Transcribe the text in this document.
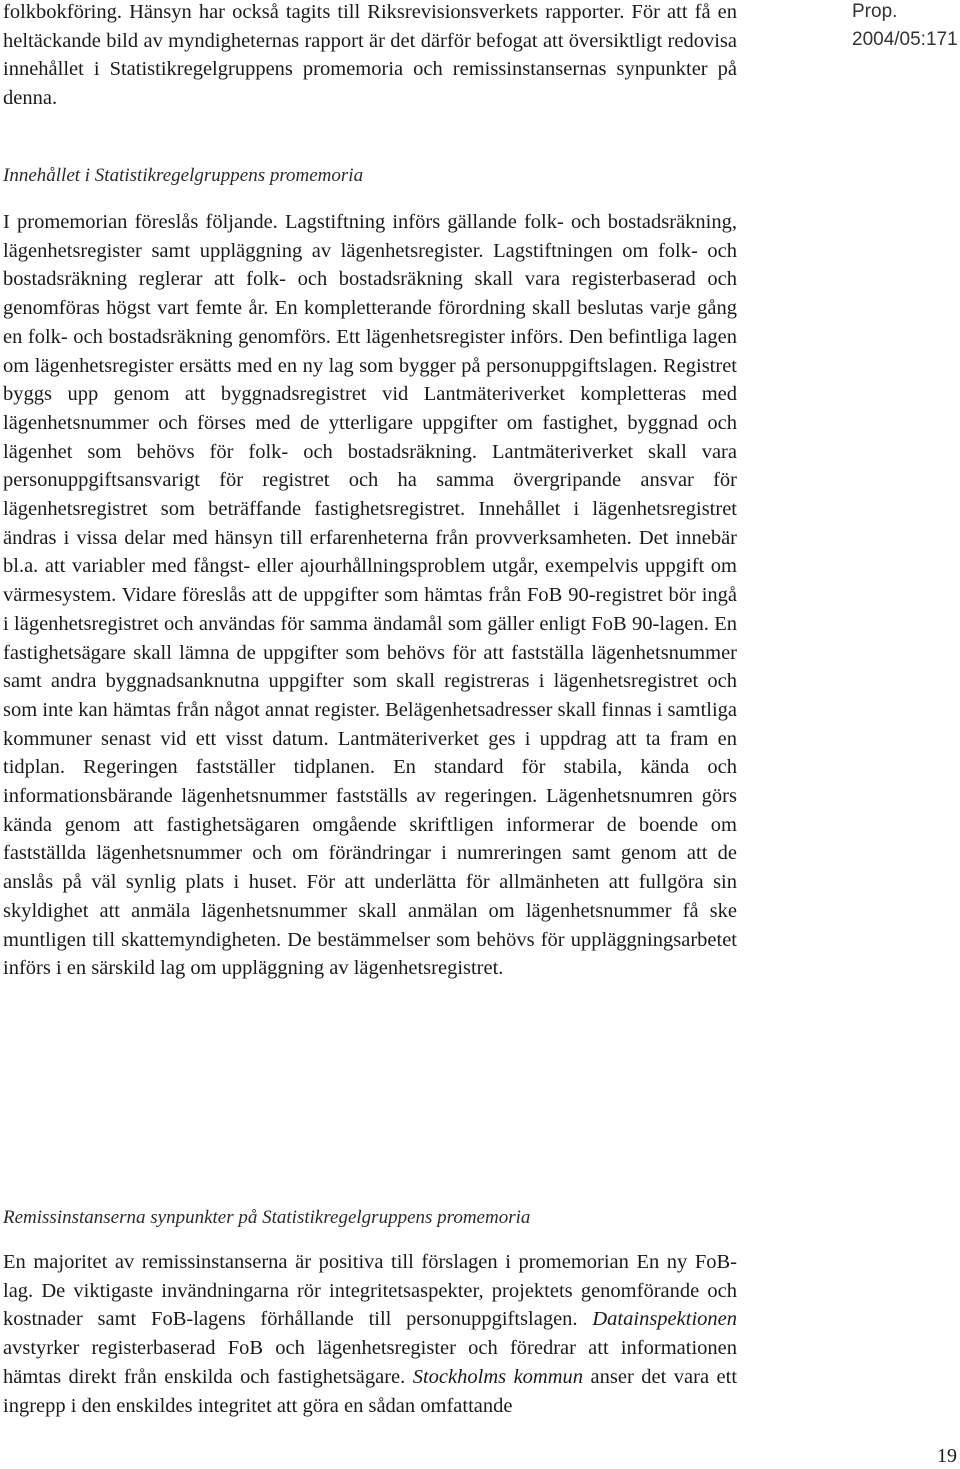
Prop. 2004/05:171

folkbokföring. Hänsyn har också tagits till Riksrevisionsverkets rapporter. För att få en heltäckande bild av myndigheternas rapport är det därför befogat att översiktligt redovisa innehållet i Statistikregelgruppens promemoria och remissinstansernas synpunkter på denna.

Innehållet i Statistikregelgruppens promemoria

I promemorian föreslås följande. Lagstiftning införs gällande folk- och bostadsräkning, lägenhetsregister samt uppläggning av lägenhetsregister. Lagstiftningen om folk- och bostadsräkning reglerar att folk- och bostadsräkning skall vara registerbaserad och genomföras högst vart femte år. En kompletterande förordning skall beslutas varje gång en folk- och bostadsräkning genomförs. Ett lägenhetsregister införs. Den befintliga lagen om lägenhetsregister ersätts med en ny lag som bygger på personuppgiftslagen. Registret byggs upp genom att byggnadsregistret vid Lantmäteriverket kompletteras med lägenhetsnummer och förses med de ytterligare uppgifter om fastighet, byggnad och lägenhet som behövs för folk- och bostadsräkning. Lantmäteriverket skall vara personuppgiftsansvarigt för registret och ha samma övergripande ansvar för lägenhetsregistret som beträffande fastighetsregistret. Innehållet i lägenhetsregistret ändras i vissa delar med hänsyn till erfarenheterna från provverksamheten. Det innebär bl.a. att variabler med fångst- eller ajourhållningsproblem utgår, exempelvis uppgift om värmesystem. Vidare föreslås att de uppgifter som hämtas från FoB 90-registret bör ingå i lägenhetsregistret och användas för samma ändamål som gäller enligt FoB 90-lagen. En fastighetsägare skall lämna de uppgifter som behövs för att fastställa lägenhetsnummer samt andra byggnadsanknutna uppgifter som skall registreras i lägenhetsregistret och som inte kan hämtas från något annat register. Belägenhetsadresser skall finnas i samtliga kommuner senast vid ett visst datum. Lantmäteriverket ges i uppdrag att ta fram en tidplan. Regeringen fastställer tidplanen. En standard för stabila, kända och informationsbärande lägenhetsnummer fastställs av regeringen. Lägenhetsnumren görs kända genom att fastighetsägaren omgående skriftligen informerar de boende om fastställda lägenhetsnummer och om förändringar i numreringen samt genom att de anslås på väl synlig plats i huset. För att underlätta för allmänheten att fullgöra sin skyldighet att anmäla lägenhetsnummer skall anmälan om lägenhetsnummer få ske muntligen till skattemyndigheten. De bestämmelser som behövs för uppläggningsarbetet införs i en särskild lag om uppläggning av lägenhetsregistret.

Remissinstanserna synpunkter på Statistikregelgruppens promemoria

En majoritet av remissinstanserna är positiva till förslagen i promemorian En ny FoB-lag. De viktigaste invändningarna rör integritetsaspekter, projektets genomförande och kostnader samt FoB-lagens förhållande till personuppgiftslagen. Datainspektionen avstyrker registerbaserad FoB och lägenhetsregister och föredrar att informationen hämtas direkt från enskilda och fastighetsägare. Stockholms kommun anser det vara ett ingrepp i den enskildes integritet att göra en sådan omfattande

19
